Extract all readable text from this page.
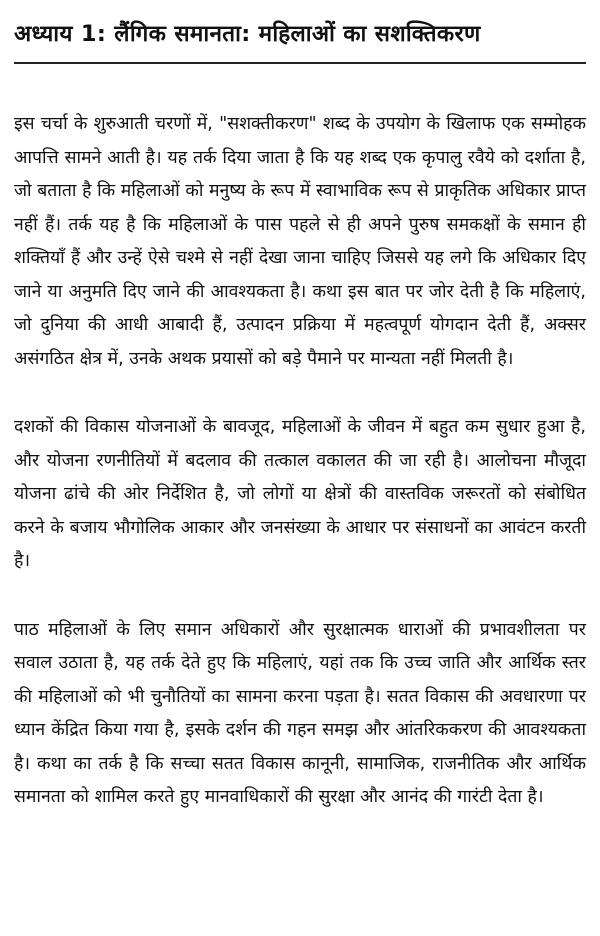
अध्याय 1: लैंगिक समानता: महिलाओं का सशक्तिकरण

इस चर्चा के शुरुआती चरणों में, "सशक्तीकरण" शब्द के उपयोग के खिलाफ एक सम्मोहक आपत्ति सामने आती है। यह तर्क दिया जाता है कि यह शब्द एक कृपालु रवैये को दर्शाता है, जो बताता है कि महिलाओं को मनुष्य के रूप में स्वाभाविक रूप से प्राकृतिक अधिकार प्राप्त नहीं हैं। तर्क यह है कि महिलाओं के पास पहले से ही अपने पुरुष समकक्षों के समान ही शक्तियाँ हैं और उन्हें ऐसे चश्मे से नहीं देखा जाना चाहिए जिससे यह लगे कि अधिकार दिए जाने या अनुमति दिए जाने की आवश्यकता है। कथा इस बात पर जोर देती है कि महिलाएं, जो दुनिया की आधी आबादी हैं, उत्पादन प्रक्रिया में महत्वपूर्ण योगदान देती हैं, अक्सर असंगठित क्षेत्र में, उनके अथक प्रयासों को बड़े पैमाने पर मान्यता नहीं मिलती है।

दशकों की विकास योजनाओं के बावजूद, महिलाओं के जीवन में बहुत कम सुधार हुआ है, और योजना रणनीतियों में बदलाव की तत्काल वकालत की जा रही है। आलोचना मौजूदा योजना ढांचे की ओर निर्देशित है, जो लोगों या क्षेत्रों की वास्तविक जरूरतों को संबोधित करने के बजाय भौगोलिक आकार और जनसंख्या के आधार पर संसाधनों का आवंटन करती है।

पाठ महिलाओं के लिए समान अधिकारों और सुरक्षात्मक धाराओं की प्रभावशीलता पर सवाल उठाता है, यह तर्क देते हुए कि महिलाएं, यहां तक कि उच्च जाति और आर्थिक स्तर की महिलाओं को भी चुनौतियों का सामना करना पड़ता है। सतत विकास की अवधारणा पर ध्यान केंद्रित किया गया है, इसके दर्शन की गहन समझ और आंतरिककरण की आवश्यकता है। कथा का तर्क है कि सच्चा सतत विकास कानूनी, सामाजिक, राजनीतिक और आर्थिक समानता को शामिल करते हुए मानवाधिकारों की सुरक्षा और आनंद की गारंटी देता है।
